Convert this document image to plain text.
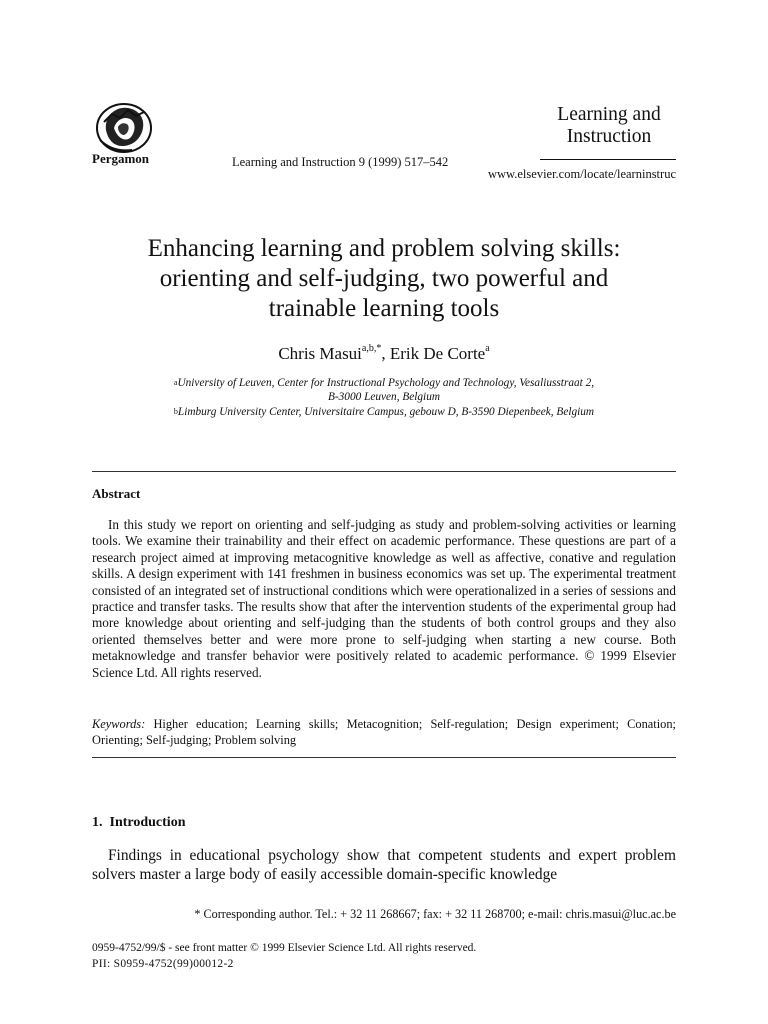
Pergamon	Learning and Instruction 9 (1999) 517–542
Learning and
Instruction
www.elsevier.com/locate/learninstruc
Enhancing learning and problem solving skills:
orienting and self-judging, two powerful and
trainable learning tools
Chris Masui$^{a,b,*}$, Erik De Corte$^a$
$^a$University of Leuven, Center for Instructional Psychology and Technology, Vesaliusstraat 2,
B-3000 Leuven, Belgium
$^b$Limburg University Center, Universitaire Campus, gebouw D, B-3590 Diepenbeek, Belgium
Abstract
In this study we report on orienting and self-judging as study and problem-solving activities or learning tools. We examine their trainability and their effect on academic performance. These questions are part of a research project aimed at improving metacognitive knowledge as well as affective, conative and regulation skills. A design experiment with 141 freshmen in business economics was set up. The experimental treatment consisted of an integrated set of instructional conditions which were operationalized in a series of sessions and practice and transfer tasks. The results show that after the intervention students of the experimental group had more knowledge about orienting and self-judging than the students of both control groups and they also oriented themselves better and were more prone to self-judging when starting a new course. Both metaknowledge and transfer behavior were positively related to academic performance. © 1999 Elsevier Science Ltd. All rights reserved.
Keywords: Higher education; Learning skills; Metacognition; Self-regulation; Design experiment; Conation; Orienting; Self-judging; Problem solving
1.  Introduction
Findings in educational psychology show that competent students and expert problem solvers master a large body of easily accessible domain-specific knowledge
* Corresponding author. Tel.: + 32 11 268667; fax: + 32 11 268700; e-mail: chris.masui@luc.ac.be
0959-4752/99/$ - see front matter © 1999 Elsevier Science Ltd. All rights reserved.
PII: S0959-4752(99)00012-2
